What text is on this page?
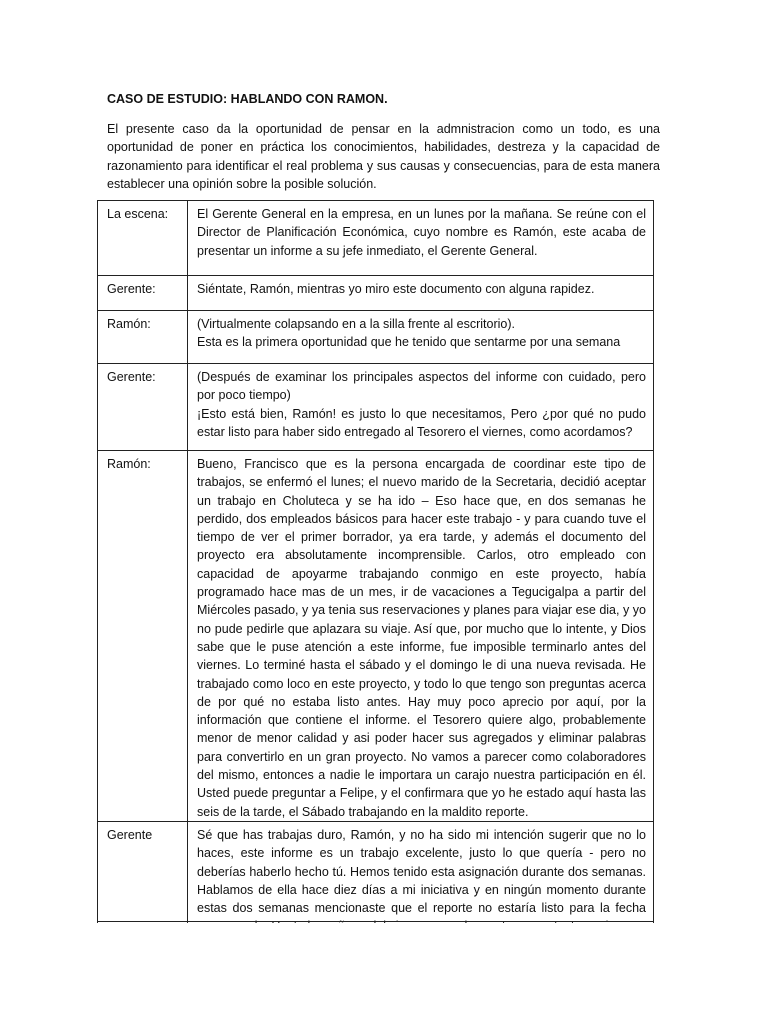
CASO DE ESTUDIO: HABLANDO CON RAMON.
El presente caso da la oportunidad de pensar en la admnistracion como un todo, es una oportunidad de poner en práctica los conocimientos, habilidades, destreza y la capacidad de razonamiento para identificar el real problema y sus causas y consecuencias, para de esta manera establecer una opinión sobre la posible solución.
La escena:	El Gerente General en la empresa, en un lunes por la mañana. Se reúne con el Director de Planificación Económica, cuyo nombre es Ramón, este acaba de presentar un informe a su jefe inmediato, el Gerente General.

Gerente:	Siéntate, Ramón, mientras yo miro este documento con alguna rapidez.

Ramón:	(Virtualmente colapsando en a la silla frente al escritorio).

Esta es la primera oportunidad que he tenido que sentarme por una semana

Gerente:	(Después de examinar los principales aspectos del informe con cuidado, pero por poco tiempo)

¡Esto está bien, Ramón! es justo lo que necesitamos, Pero ¿por qué no pudo estar listo para haber sido entregado al Tesorero el viernes, como acordamos?

Ramón:	Bueno, Francisco que es la persona encargada de coordinar este tipo de trabajos, se enfermó el lunes; el nuevo marido de la Secretaria, decidió aceptar un trabajo en Choluteca y se ha ido – Eso hace que, en dos semanas he perdido, dos empleados básicos para hacer este trabajo - y para cuando tuve el tiempo de ver el primer borrador, ya era tarde, y además el documento del proyecto era absolutamente incomprensible. Carlos, otro empleado con capacidad de apoyarme trabajando conmigo en este proyecto, había programado hace mas de un mes, ir de vacaciones a Tegucigalpa a partir del Miércoles pasado, y ya tenia sus reservaciones y planes para viajar ese dia, y yo no pude pedirle que aplazara su viaje. Así que, por mucho que lo intente, y Dios sabe que le puse atención a este informe, fue imposible terminarlo antes del viernes. Lo terminé hasta el sábado y el domingo le di una nueva revisada. He trabajado como loco en este proyecto, y todo lo que tengo son preguntas acerca de por qué no estaba listo antes. Hay muy poco aprecio por aquí, por la información que contiene el informe. el Tesorero quiere algo, probablemente menor de menor calidad y asi poder hacer sus agregados y eliminar palabras para convertirlo en un gran proyecto. No vamos a parecer como colaboradores del mismo, entonces a nadie le importara un carajo nuestra participación en él. Usted puede preguntar a Felipe, y el confirmara que yo he estado aquí hasta las seis de la tarde, el Sábado trabajando en la maldito reporte.

Gerente	Sé que has trabajas duro, Ramón, y no ha sido mi intención sugerir que no lo haces, este informe es un trabajo excelente, justo lo que quería - pero no deberías haberlo hecho tú. Hemos tenido esta asignación durante dos semanas. Hablamos de ella hace diez días a mi iniciativa y en ningún momento durante estas dos semanas mencionaste que el reporte no estaría listo para la fecha
